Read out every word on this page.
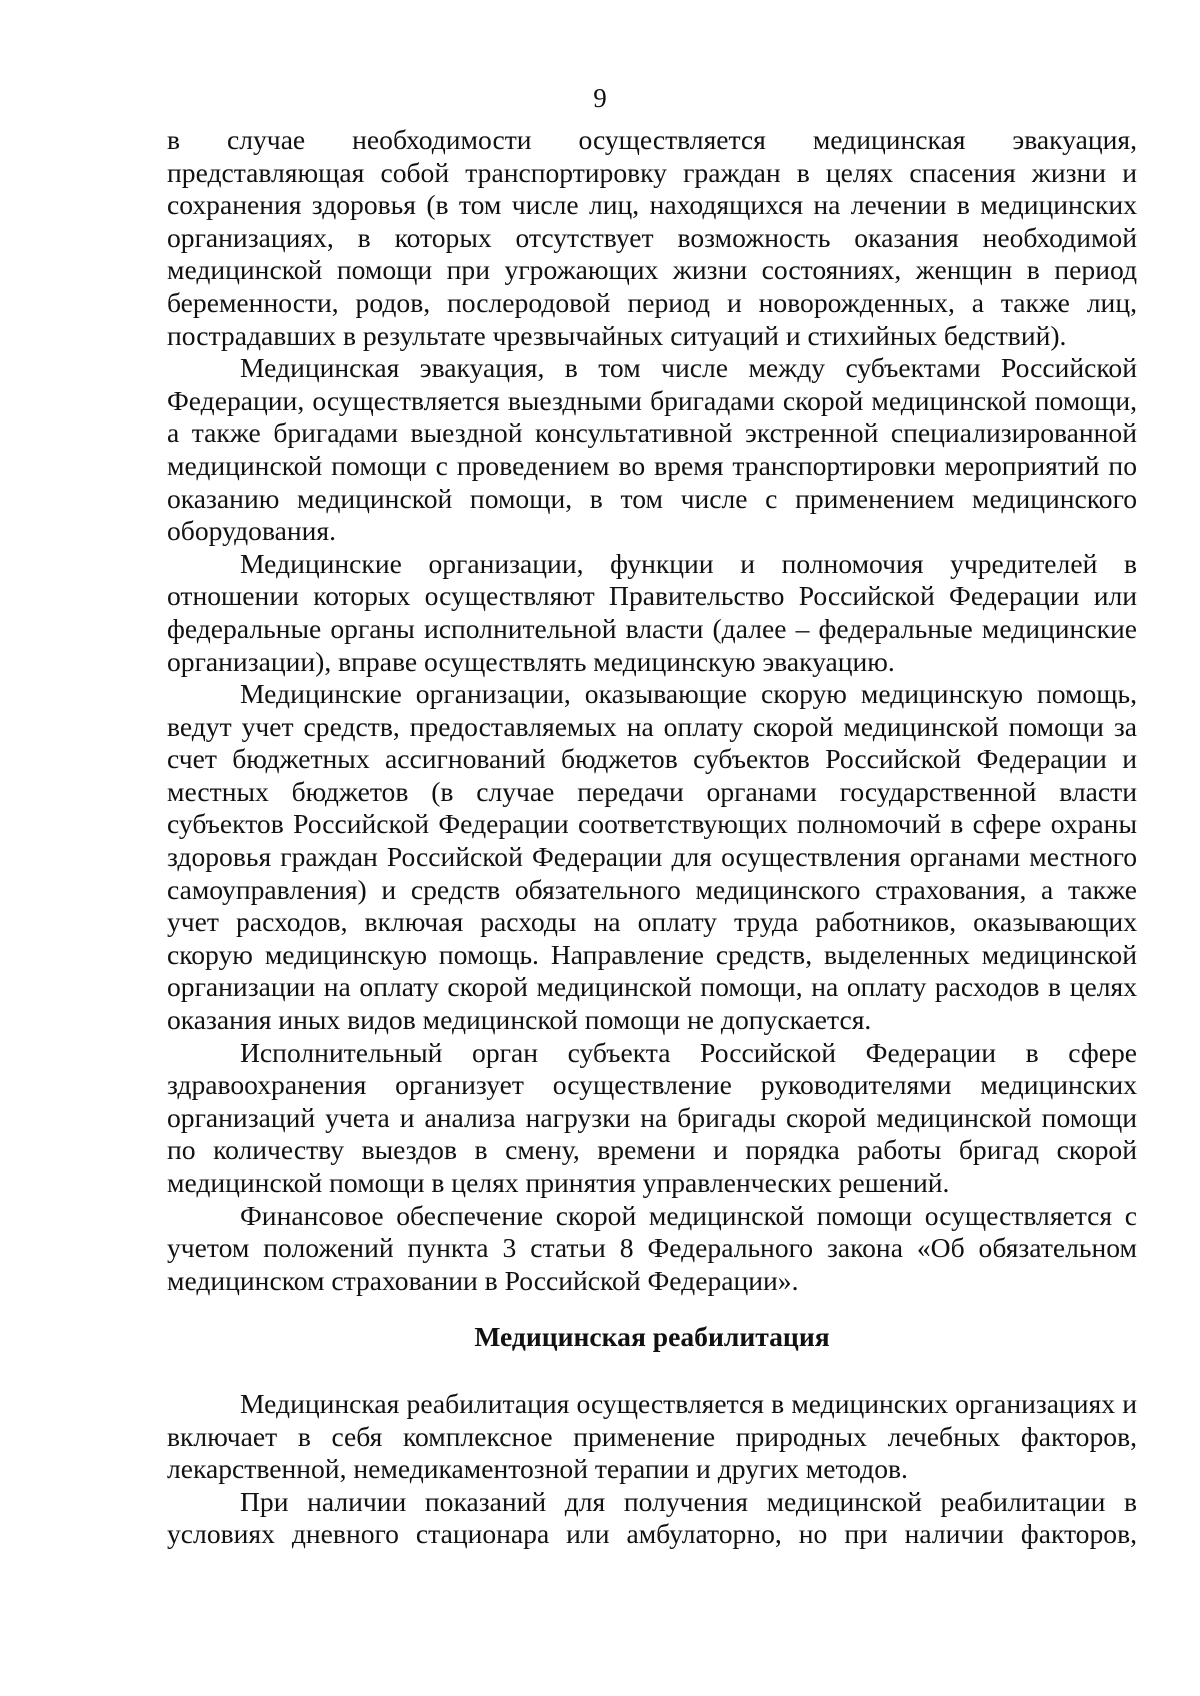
9

в случае необходимости осуществляется медицинская эвакуация, представляющая собой транспортировку граждан в целях спасения жизни и сохранения здоровья (в том числе лиц, находящихся на лечении в медицинских организациях, в которых отсутствует возможность оказания необходимой медицинской помощи при угрожающих жизни состояниях, женщин в период беременности, родов, послеродовой период и новорожденных, а также лиц, пострадавших в результате чрезвычайных ситуаций и стихийных бедствий).

Медицинская эвакуация, в том числе между субъектами Российской Федерации, осуществляется выездными бригадами скорой медицинской помощи, а также бригадами выездной консультативной экстренной специализированной медицинской помощи с проведением во время транспортировки мероприятий по оказанию медицинской помощи, в том числе с применением медицинского оборудования.

Медицинские организации, функции и полномочия учредителей в отношении которых осуществляют Правительство Российской Федерации или федеральные органы исполнительной власти (далее – федеральные медицинские организации), вправе осуществлять медицинскую эвакуацию.

Медицинские организации, оказывающие скорую медицинскую помощь, ведут учет средств, предоставляемых на оплату скорой медицинской помощи за счет бюджетных ассигнований бюджетов субъектов Российской Федерации и местных бюджетов (в случае передачи органами государственной власти субъектов Российской Федерации соответствующих полномочий в сфере охраны здоровья граждан Российской Федерации для осуществления органами местного самоуправления) и средств обязательного медицинского страхования, а также учет расходов, включая расходы на оплату труда работников, оказывающих скорую медицинскую помощь. Направление средств, выделенных медицинской организации на оплату скорой медицинской помощи, на оплату расходов в целях оказания иных видов медицинской помощи не допускается.

Исполнительный орган субъекта Российской Федерации в сфере здравоохранения организует осуществление руководителями медицинских организаций учета и анализа нагрузки на бригады скорой медицинской помощи по количеству выездов в смену, времени и порядка работы бригад скорой медицинской помощи в целях принятия управленческих решений.

Финансовое обеспечение скорой медицинской помощи осуществляется с учетом положений пункта 3 статьи 8 Федерального закона «Об обязательном медицинском страховании в Российской Федерации».

Медицинская реабилитация

Медицинская реабилитация осуществляется в медицинских организациях и включает в себя комплексное применение природных лечебных факторов, лекарственной, немедикаментозной терапии и других методов.

При наличии показаний для получения медицинской реабилитации в условиях дневного стационара или амбулаторно, но при наличии факторов,
